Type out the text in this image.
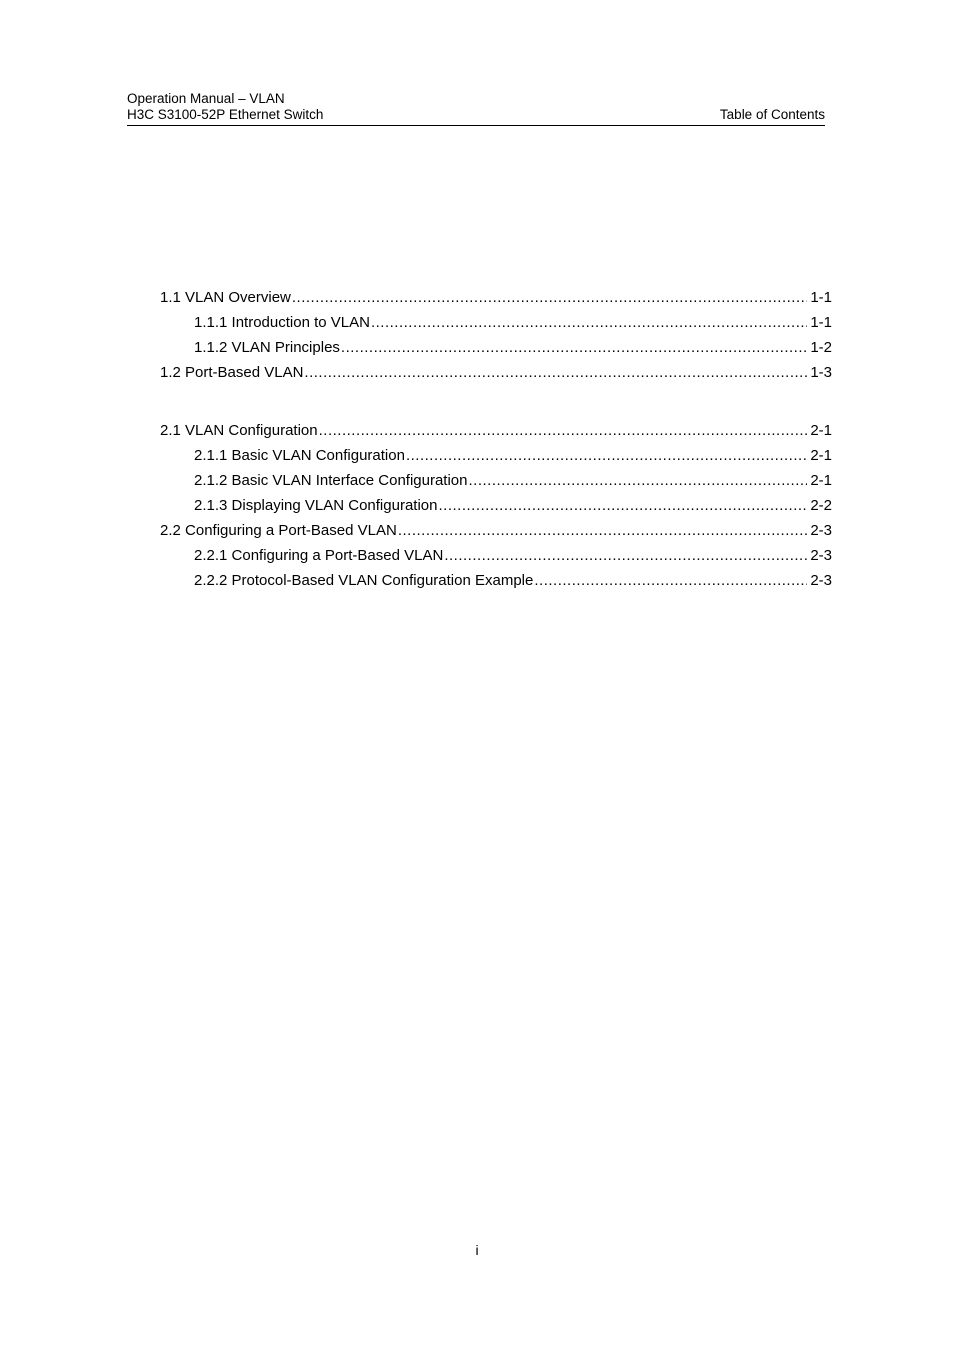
Operation Manual – VLAN
H3C S3100-52P Ethernet Switch	Table of Contents
1.1 VLAN Overview .....	1-1
1.1.1 Introduction to VLAN .....	1-1
1.1.2 VLAN Principles .....	1-2
1.2 Port-Based VLAN .....	1-3
2.1 VLAN Configuration .....	2-1
2.1.1 Basic VLAN Configuration .....	2-1
2.1.2 Basic VLAN Interface Configuration .....	2-1
2.1.3 Displaying VLAN Configuration .....	2-2
2.2 Configuring a Port-Based VLAN .....	2-3
2.2.1 Configuring a Port-Based VLAN .....	2-3
2.2.2 Protocol-Based VLAN Configuration Example .....	2-3
i
